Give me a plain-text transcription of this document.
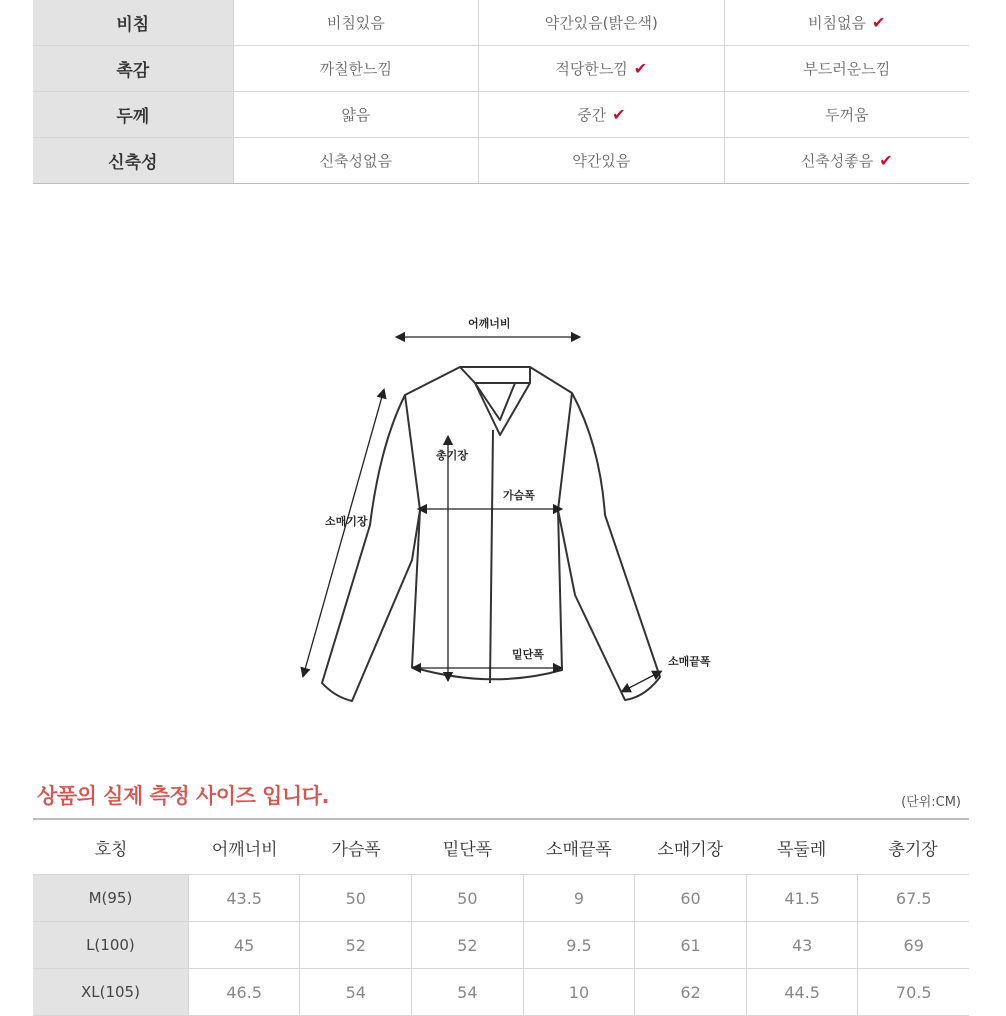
비침	비침있음	약간있음(밝은색)	비침없음 ✔
촉감	까칠한느낌	적당한느낌 ✔	부드러운느낌
두께	얇음	중간 ✔	두꺼움
신축성	신축성없음	약간있음	신축성좋음 ✔
어깨너비
총기장
가슴폭
소매기장
밑단폭
소매끝폭
상품의 실제 측정 사이즈 입니다.	(단위:CM)
호칭	어깨너비	가슴폭	밑단폭	소매끝폭	소매기장	목둘레	총기장
M(95)	43.5	50	50	9	60	41.5	67.5
L(100)	45	52	52	9.5	61	43	69
XL(105)	46.5	54	54	10	62	44.5	70.5
